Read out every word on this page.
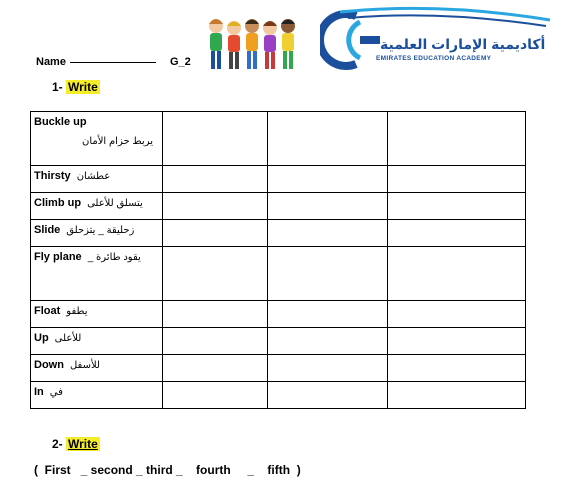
Name	G_2
أكاديمية الإمارات العلمية
EMIRATES EDUCATION ACADEMY
1- Write
Buckle up
يربط حزام الأمان			

Thirsty عطشان			
Climb up يتسلق للأعلى			
Slide زحليقة _ يتزحلق			
Fly plane يقود طائرة _			
Float يطفو			
Up للأعلى			
Down للأسفل			
In في			
2- Write
(  First   _ second _ third _    fourth     _    fifth  )
